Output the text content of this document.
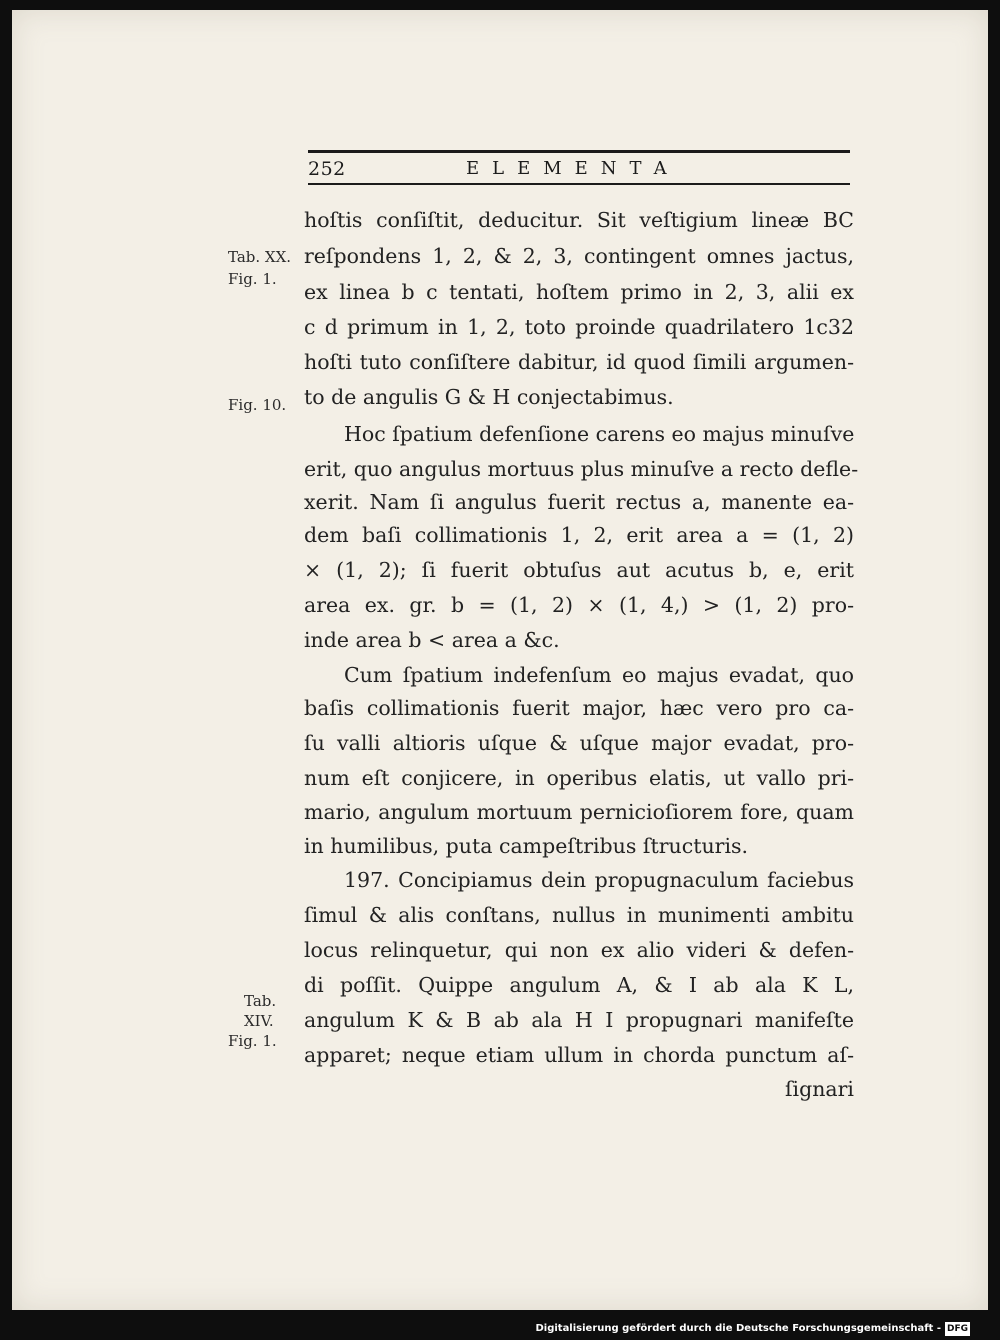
252	ELEMENTA
Tab. XX.
Fig. 1.
Fig. 10.
Tab.
XIV.
Fig. 1.
hoſtis conſiſtit, deducitur. Sit veſtigium lineæ BC
reſpondens 1, 2, & 2, 3, contingent omnes jactus,
ex linea b c tentati, hoſtem primo in 2, 3, alii ex
c d primum in 1, 2, toto proinde quadrilatero 1c32
hoſti tuto conſiſtere dabitur, id quod ſimili argumen-
to de angulis G & H conjectabimus.
Hoc ſpatium defenſione carens eo majus minuſve
erit, quo angulus mortuus plus minuſve a recto defle-
xerit. Nam ſi angulus fuerit rectus a, manente ea-
dem baſi collimationis 1, 2, erit area a = (1, 2)
× (1, 2); ſi fuerit obtuſus aut acutus b, e, erit
area ex. gr. b = (1, 2) × (1, 4,) > (1, 2) pro-
inde area b < area a &c.
Cum ſpatium indefenſum eo majus evadat, quo
baſis collimationis fuerit major, hæc vero pro ca-
ſu valli altioris uſque & uſque major evadat, pro-
num eſt conjicere, in operibus elatis, ut vallo pri-
mario, angulum mortuum pernicioſiorem fore, quam
in humilibus, puta campeſtribus ſtructuris.
197. Concipiamus dein propugnaculum faciebus
ſimul & alis conſtans, nullus in munimenti ambitu
locus relinquetur, qui non ex alio videri & defen-
di poſſit. Quippe angulum A, & I ab ala K L,
angulum K & B ab ala H I propugnari manifeſte
apparet; neque etiam ullum in chorda punctum aſ-
ſignari
Digitalisierung gefördert durch die Deutsche Forschungsgemeinschaft - DFG
